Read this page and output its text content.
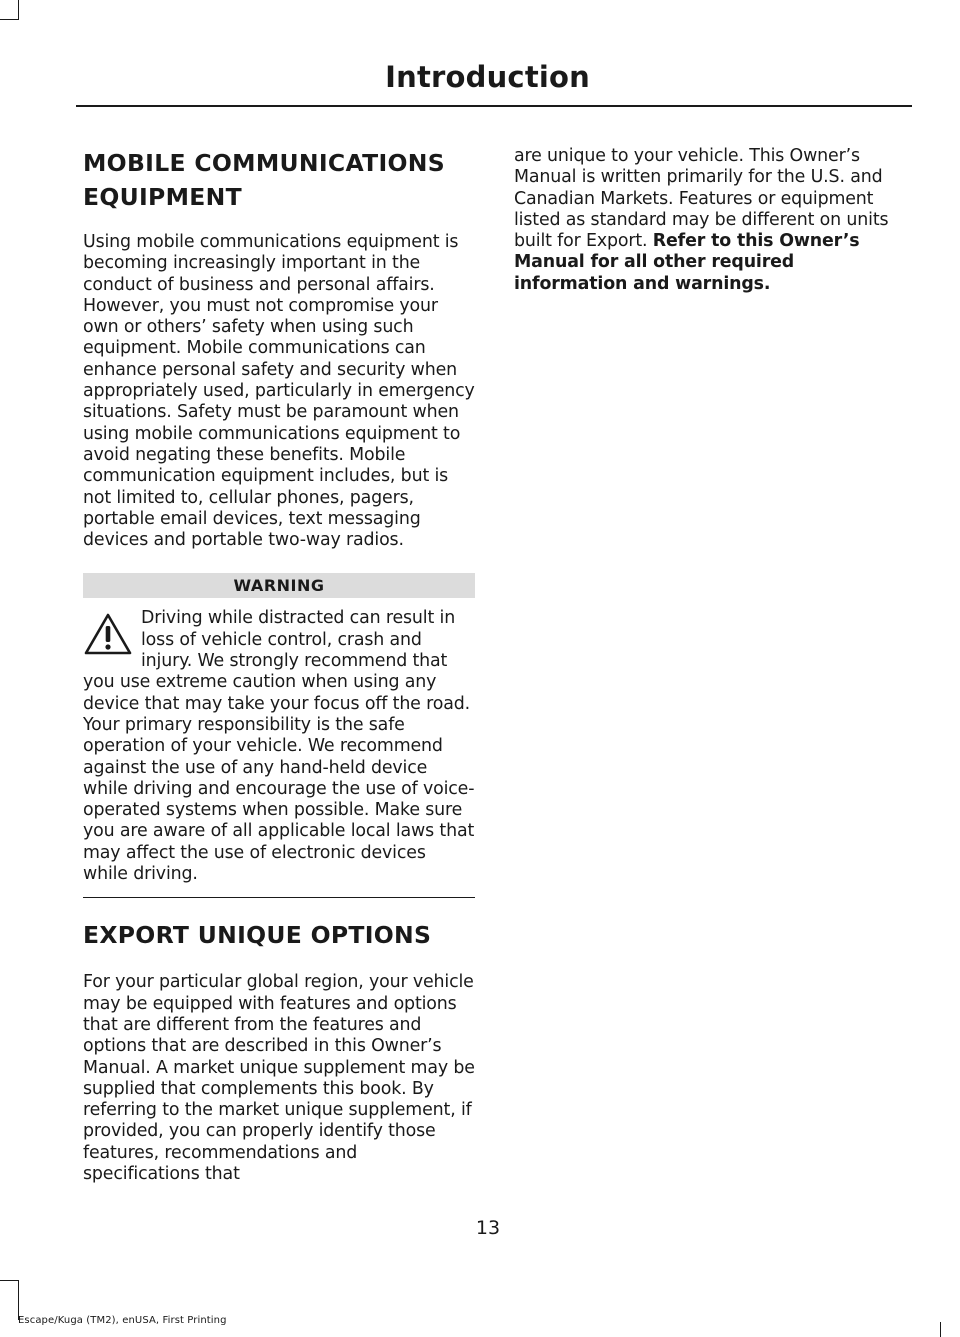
Introduction
MOBILE COMMUNICATIONS
EQUIPMENT

Using mobile communications equipment is becoming increasingly important in the conduct of business and personal affairs. However, you must not compromise your own or others’ safety when using such equipment. Mobile communications can enhance personal safety and security when appropriately used, particularly in emergency situations. Safety must be paramount when using mobile communications equipment to avoid negating these benefits. Mobile communication equipment includes, but is not limited to, cellular phones, pagers, portable email devices, text messaging devices and portable two-way radios.

WARNING

Driving while distracted can result in loss of vehicle control, crash and injury. We strongly recommend that you use extreme caution when using any device that may take your focus off the road. Your primary responsibility is the safe operation of your vehicle. We recommend against the use of any hand-held device while driving and encourage the use of voice-operated systems when possible. Make sure you are aware of all applicable local laws that may affect the use of electronic devices while driving.

EXPORT UNIQUE OPTIONS

For your particular global region, your vehicle may be equipped with features and options that are different from the features and options that are described in this Owner’s Manual. A market unique supplement may be supplied that complements this book. By referring to the market unique supplement, if provided, you can properly identify those features, recommendations and specifications that

are unique to your vehicle. This Owner’s Manual is written primarily for the U.S. and Canadian Markets. Features or equipment listed as standard may be different on units built for Export. Refer to this Owner’s Manual for all other required information and warnings.

13
Escape/Kuga (TM2), enUSA, First Printing
